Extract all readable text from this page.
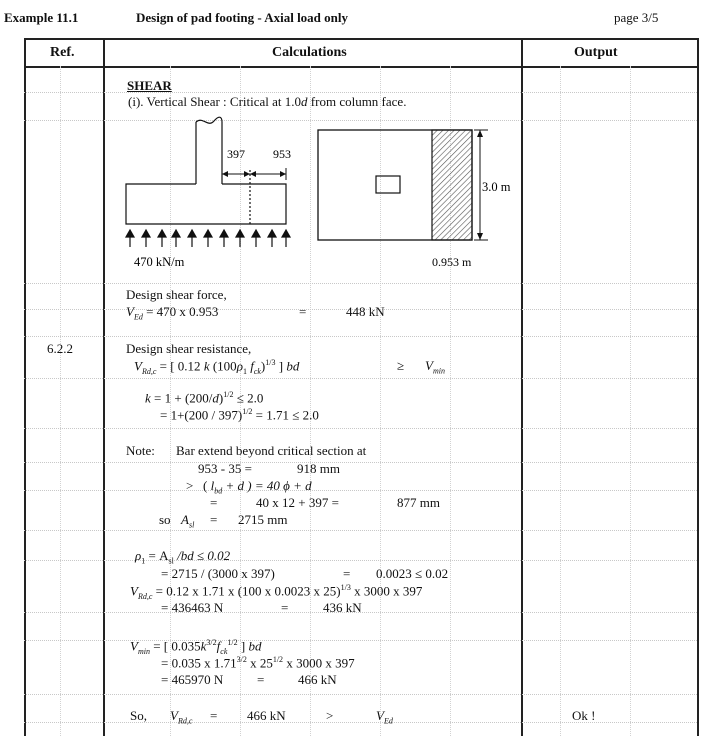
Example 11.1	Design of pad footing - Axial load only	page 3/5
Ref.	Calculations	Output
SHEAR
(i). Vertical Shear : Critical at 1.0d from column face.
397 953
470 kN/m
3.0 m
0.953 m
Design shear force,
$V_{Ed} = 470$ x 0.953	=	448 kN
6.2.2	Design shear resistance,
$V_{Rd,c}$ = [ 0.12 k ($100\rho_1$ $f_{ck})^{1/3}$ ] bd	≥ $V_{min}$
$k = 1 + (200/d)^{1/2} \le 2.0$
= 1+(200 / 397)$^{1/2}$ = 1.71 ≤ 2.0
Note: Bar extend beyond critical section at
953 - 35 =	918 mm
> ( $l_{bd} + d$ ) = 40 ϕ + d
=	40 x 12 + 397 =	877 mm
so $A_{sl} = 2715$ mm
$\rho_1 = A_{sl}$ /bd ≤ 0.02
= 2715 / (3000 x 397)	= 0.0023 ≤ 0.02
$V_{Rd,c} = 0.12$ x 1.71 x (100 x 0.0023 x 25)$^{1/3}$ x 3000 x 397
= 436463 N	=	436 kN
$V_{min}$ = [ $0.035k^{3/2}f_{ck}^{1/2}$ ] bd
= 0.035 x $1.71^{3/2}$ x $25^{1/2}$ x 3000 x 397
= 465970 N	=	466 kN
So, $V_{Rd,c} = 466$ kN	>	$V_{Ed}$	Ok !
